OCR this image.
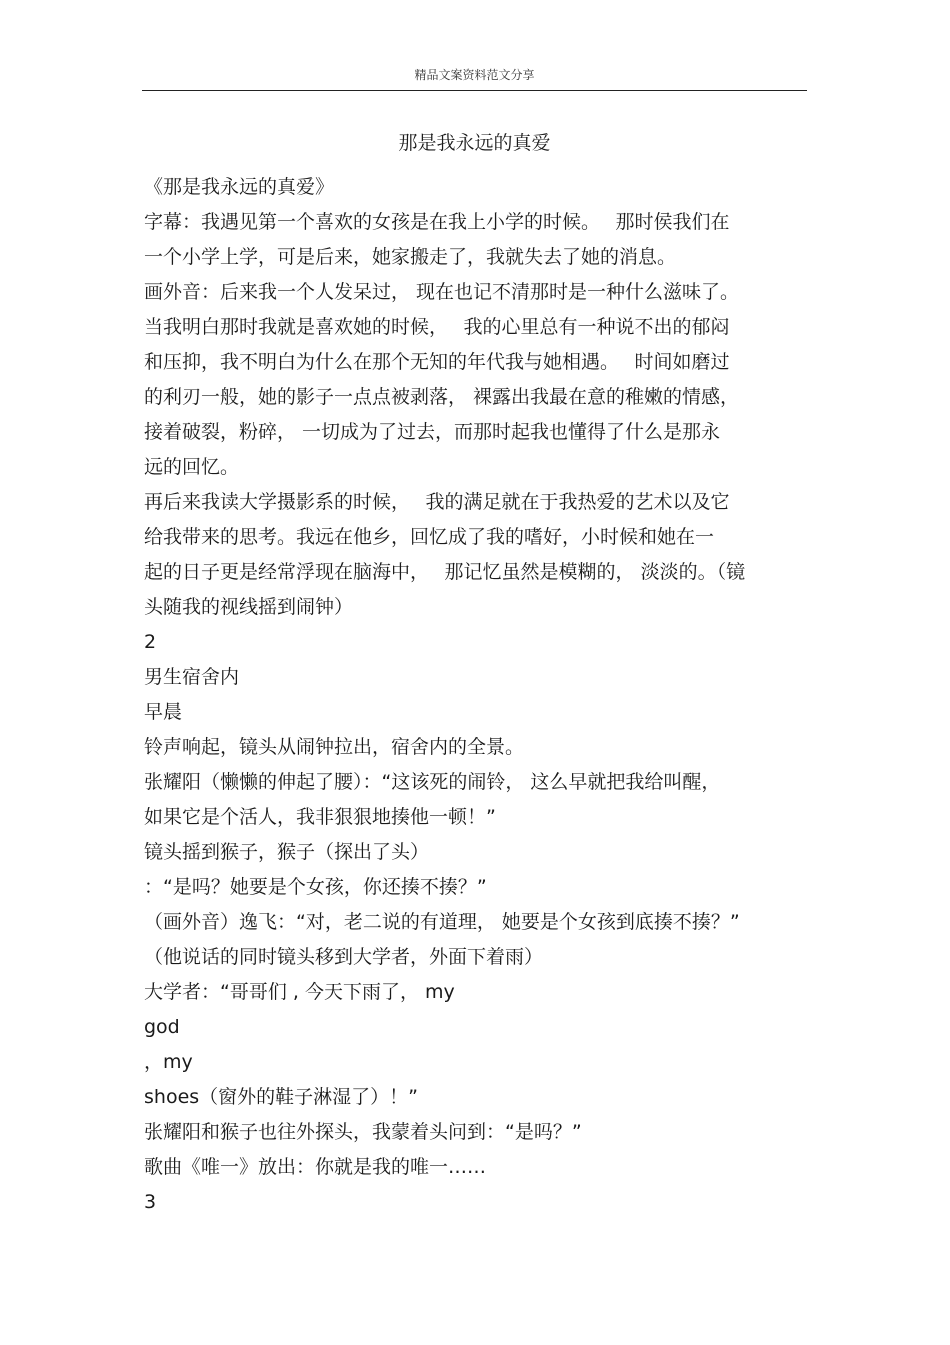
精品文案资料范文分享
那是我永远的真爱
《那是我永远的真爱》
字幕：我遇见第一个喜欢的女孩是在我上小学的时候。　 那时侯我们在
一个小学上学，可是后来，她家搬走了，我就失去了她的消息。
画外音：后来我一个人发呆过， 现在也记不清那时是一种什么滋味了。
当我明白那时我就是喜欢她的时候，　 我的心里总有一种说不出的郁闷
和压抑，我不明白为什么在那个无知的年代我与她相遇。　 时间如磨过
的利刃一般，她的影子一点点被剥落， 裸露出我最在意的稚嫩的情感，
接着破裂，粉碎， 一切成为了过去，而那时起我也懂得了什么是那永
远的回忆。
再后来我读大学摄影系的时候，　 我的满足就在于我热爱的艺术以及它
给我带来的思考。我远在他乡，回忆成了我的嗜好，小时候和她在一
起的日子更是经常浮现在脑海中，　 那记忆虽然是模糊的， 淡淡的。（镜
头随我的视线摇到闹钟）
2
男生宿舍内
早晨
铃声响起，镜头从闹钟拉出，宿舍内的全景。
张耀阳（懒懒的伸起了腰）：“这该死的闹铃， 这么早就把我给叫醒，
如果它是个活人，我非狠狠地揍他一顿！”
镜头摇到猴子，猴子（探出了头）
：“是吗？她要是个女孩，你还揍不揍？”
（画外音）逸飞：“对，老二说的有道理， 她要是个女孩到底揍不揍？”
（他说话的同时镜头移到大学者，外面下着雨）
大学者：“哥哥们 , 今天下雨了， my
god
，my
shoes（窗外的鞋子淋湿了）！”
张耀阳和猴子也往外探头，我蒙着头问到：“是吗？”
歌曲《唯一》放出：你就是我的唯一……
3
